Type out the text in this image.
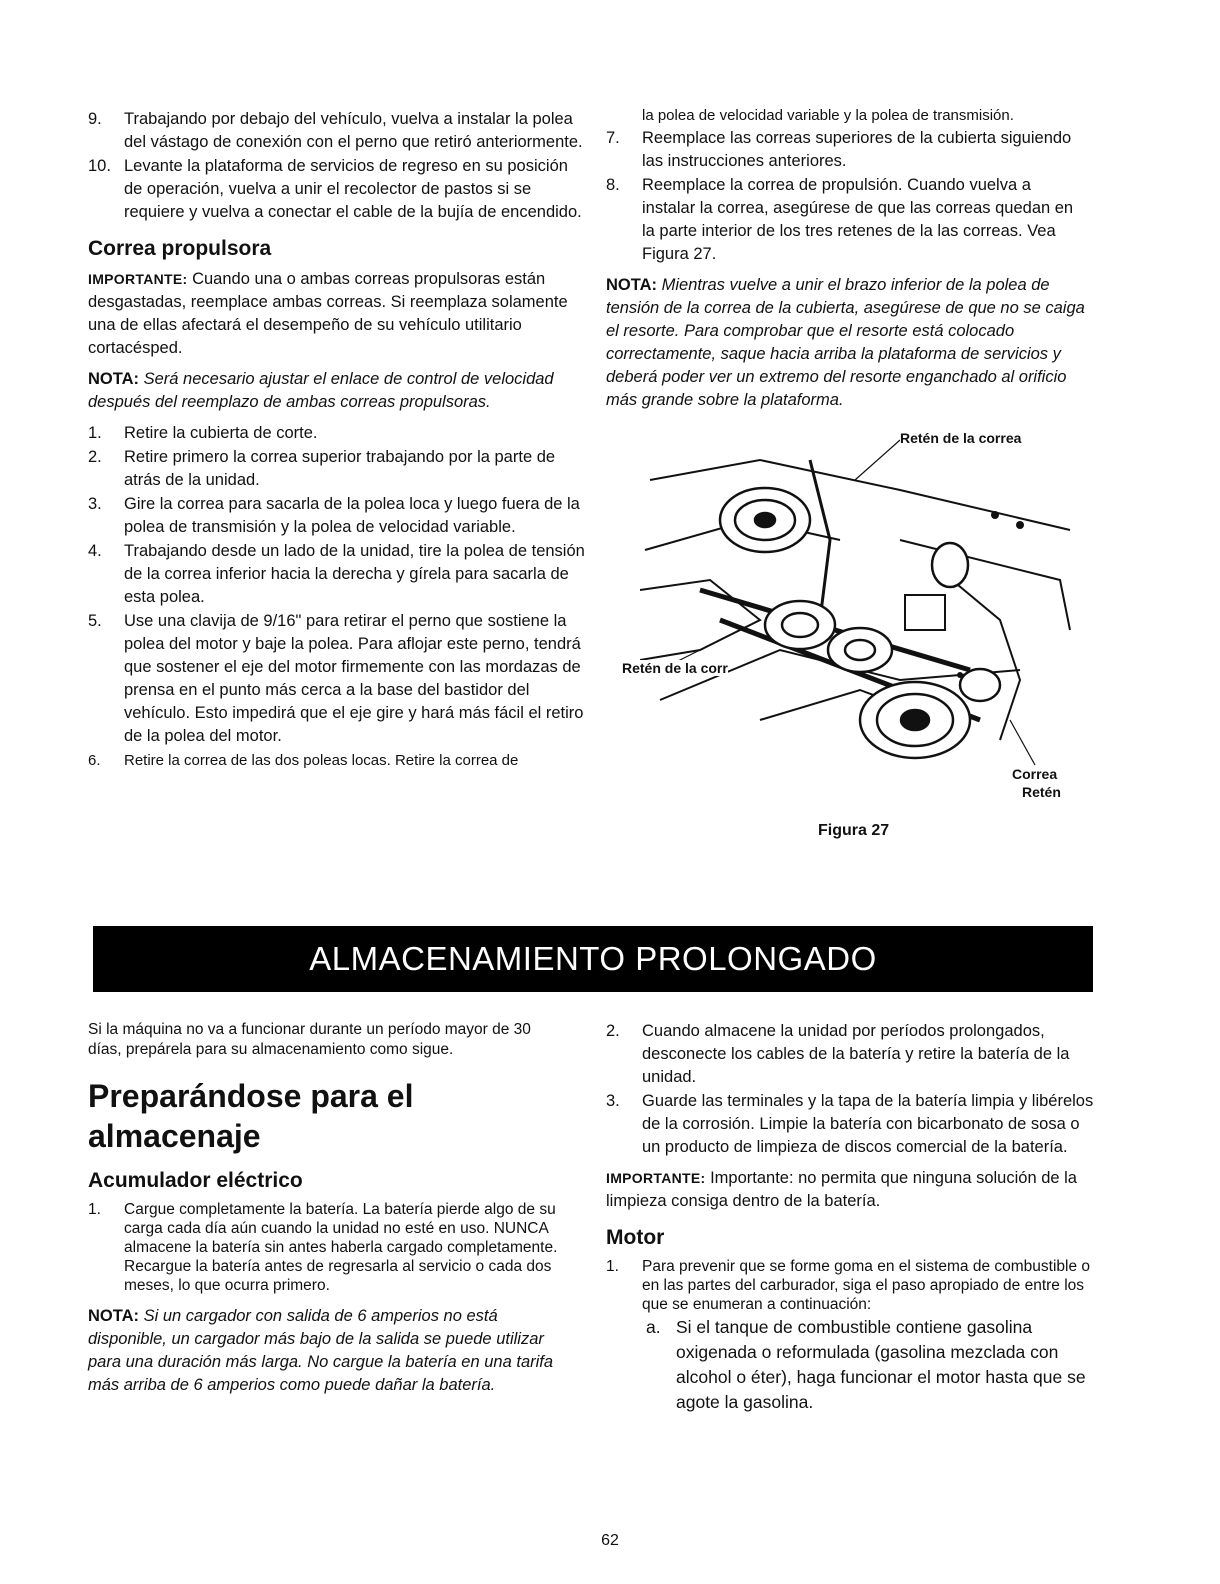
9.	Trabajando por debajo del vehículo, vuelva a instalar la polea del vástago de conexión con el perno que retiró anteriormente.
10. Levante la plataforma de servicios de regreso en su posición de operación, vuelva a unir el recolector de pastos si se requiere y vuelva a conectar el cable de la bujía de encendido.
Correa propulsora

IMPORTANTE: Cuando una o ambas correas propulsoras están desgastadas, reemplace ambas correas. Si reemplaza solamente una de ellas afectará el desempeño de su vehículo utilitario cortacésped.

NOTA: Será necesario ajustar el enlace de control de velocidad después del reemplazo de ambas correas propulsoras.

1.	Retire la cubierta de corte.
2.	Retire primero la correa superior trabajando por la parte de atrás de la unidad.
3.	Gire la correa para sacarla de la polea loca y luego fuera de la polea de transmisión y la polea de velocidad variable.
4.	Trabajando desde un lado de la unidad, tire la polea de tensión de la correa inferior hacia la derecha y gírela para sacarla de esta polea.
5.	Use una clavija de 9/16" para retirar el perno que sostiene la polea del motor y baje la polea. Para aflojar este perno, tendrá que sostener el eje del motor firmemente con las mordazas de prensa en el punto más cerca a la base del bastidor del vehículo. Esto impedirá que el eje gire y hará más fácil el retiro de la polea del motor.
6.	Retire la correa de las dos poleas locas. Retire la correa de
la polea de velocidad variable y la polea de transmisión.
7.	Reemplace las correas superiores de la cubierta siguiendo las instrucciones anteriores.
8.	Reemplace la correa de propulsión. Cuando vuelva a instalar la correa, asegúrese de que las correas quedan en la parte interior de los tres retenes de la las correas. Vea Figura 27.

NOTA: Mientras vuelve a unir el brazo inferior de la polea de tensión de la correa de la cubierta, asegúrese de que no se caiga el resorte. Para comprobar que el resorte está colocado correctamente, saque hacia arriba la plataforma de servicios y deberá poder ver un extremo del resorte enganchado al orificio más grande sobre la plataforma.

Retén de la correa
Retén de la corr
Correa
Retén
Figura 27
ALMACENAMIENTO PROLONGADO

Si la máquina no va a funcionar durante un período mayor de 30 días, prepárela para su almacenamiento como sigue.

Preparándose para el almacenaje
Acumulador eléctrico
1.	Cargue completamente la batería. La batería pierde algo de su carga cada día aún cuando la unidad no esté en uso. NUNCA almacene la batería sin antes haberla cargado completamente. Recargue la batería antes de regresarla al servicio o cada dos meses, lo que ocurra primero.

NOTA: Si un cargador con salida de 6 amperios no está disponible, un cargador más bajo de la salida se puede utilizar para una duración más larga. No cargue la batería en una tarifa más arriba de 6 amperios como puede dañar la batería.

2.	Cuando almacene la unidad por períodos prolongados, desconecte los cables de la batería y retire la batería de la unidad.
3.	Guarde las terminales y la tapa de la batería limpia y libérelos de la corrosión. Limpie la batería con bicarbonato de sosa o un producto de limpieza de discos comercial de la batería.

IMPORTANTE: Importante: no permita que ninguna solución de la limpieza consiga dentro de la batería.

Motor
1.	Para prevenir que se forme goma en el sistema de combustible o en las partes del carburador, siga el paso apropiado de entre los que se enumeran a continuación:
a. Si el tanque de combustible contiene gasolina oxigenada o reformulada (gasolina mezclada con alcohol o éter), haga funcionar el motor hasta que se agote la gasolina.
62
